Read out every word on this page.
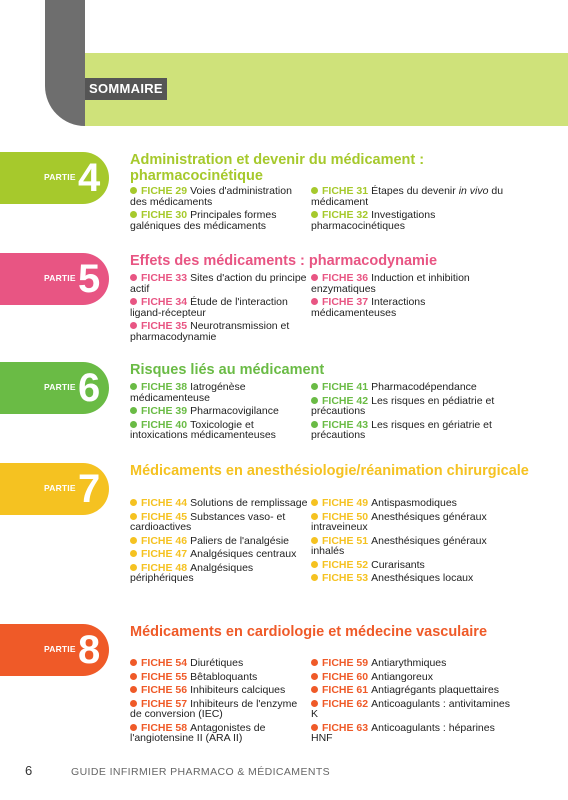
SOMMAIRE
PARTIE 4 Administration et devenir du médicament : pharmacocinétique
FICHE 29 Voies d'administration des médicaments
FICHE 30 Principales formes galéniques des médicaments
FICHE 31 Étapes du devenir in vivo du médicament
FICHE 32 Investigations pharmacocinétiques
PARTIE 5 Effets des médicaments : pharmacodynamie
FICHE 33 Sites d'action du principe actif
FICHE 34 Étude de l'interaction ligand-récepteur
FICHE 35 Neurotransmission et pharmacodynamie
FICHE 36 Induction et inhibition enzymatiques
FICHE 37 Interactions médicamenteuses
PARTIE 6 Risques liés au médicament
FICHE 38 Iatrogénèse médicamenteuse
FICHE 39 Pharmacovigilance
FICHE 40 Toxicologie et intoxications médicamenteuses
FICHE 41 Pharmacodépendance
FICHE 42 Les risques en pédiatrie et précautions
FICHE 43 Les risques en gériatrie et précautions
PARTIE 7 Médicaments en anesthésiologie/réanimation chirurgicale
FICHE 44 Solutions de remplissage
FICHE 45 Substances vaso- et cardioactives
FICHE 46 Paliers de l'analgésie
FICHE 47 Analgésiques centraux
FICHE 48 Analgésiques périphériques
FICHE 49 Antispasmodiques
FICHE 50 Anesthésiques généraux intraveineux
FICHE 51 Anesthésiques généraux inhalés
FICHE 52 Curarisants
FICHE 53 Anesthésiques locaux
PARTIE 8 Médicaments en cardiologie et médecine vasculaire
FICHE 54 Diurétiques
FICHE 55 Bêtabloquants
FICHE 56 Inhibiteurs calciques
FICHE 57 Inhibiteurs de l'enzyme de conversion (IEC)
FICHE 58 Antagonistes de l'angiotensine II (ARA II)
FICHE 59 Antiarythmiques
FICHE 60 Antiangoreux
FICHE 61 Antiagrégants plaquettaires
FICHE 62 Anticoagulants : antivitamines K
FICHE 63 Anticoagulants : héparines HNF
6	GUIDE INFIRMIER PHARMACO & MÉDICAMENTS
